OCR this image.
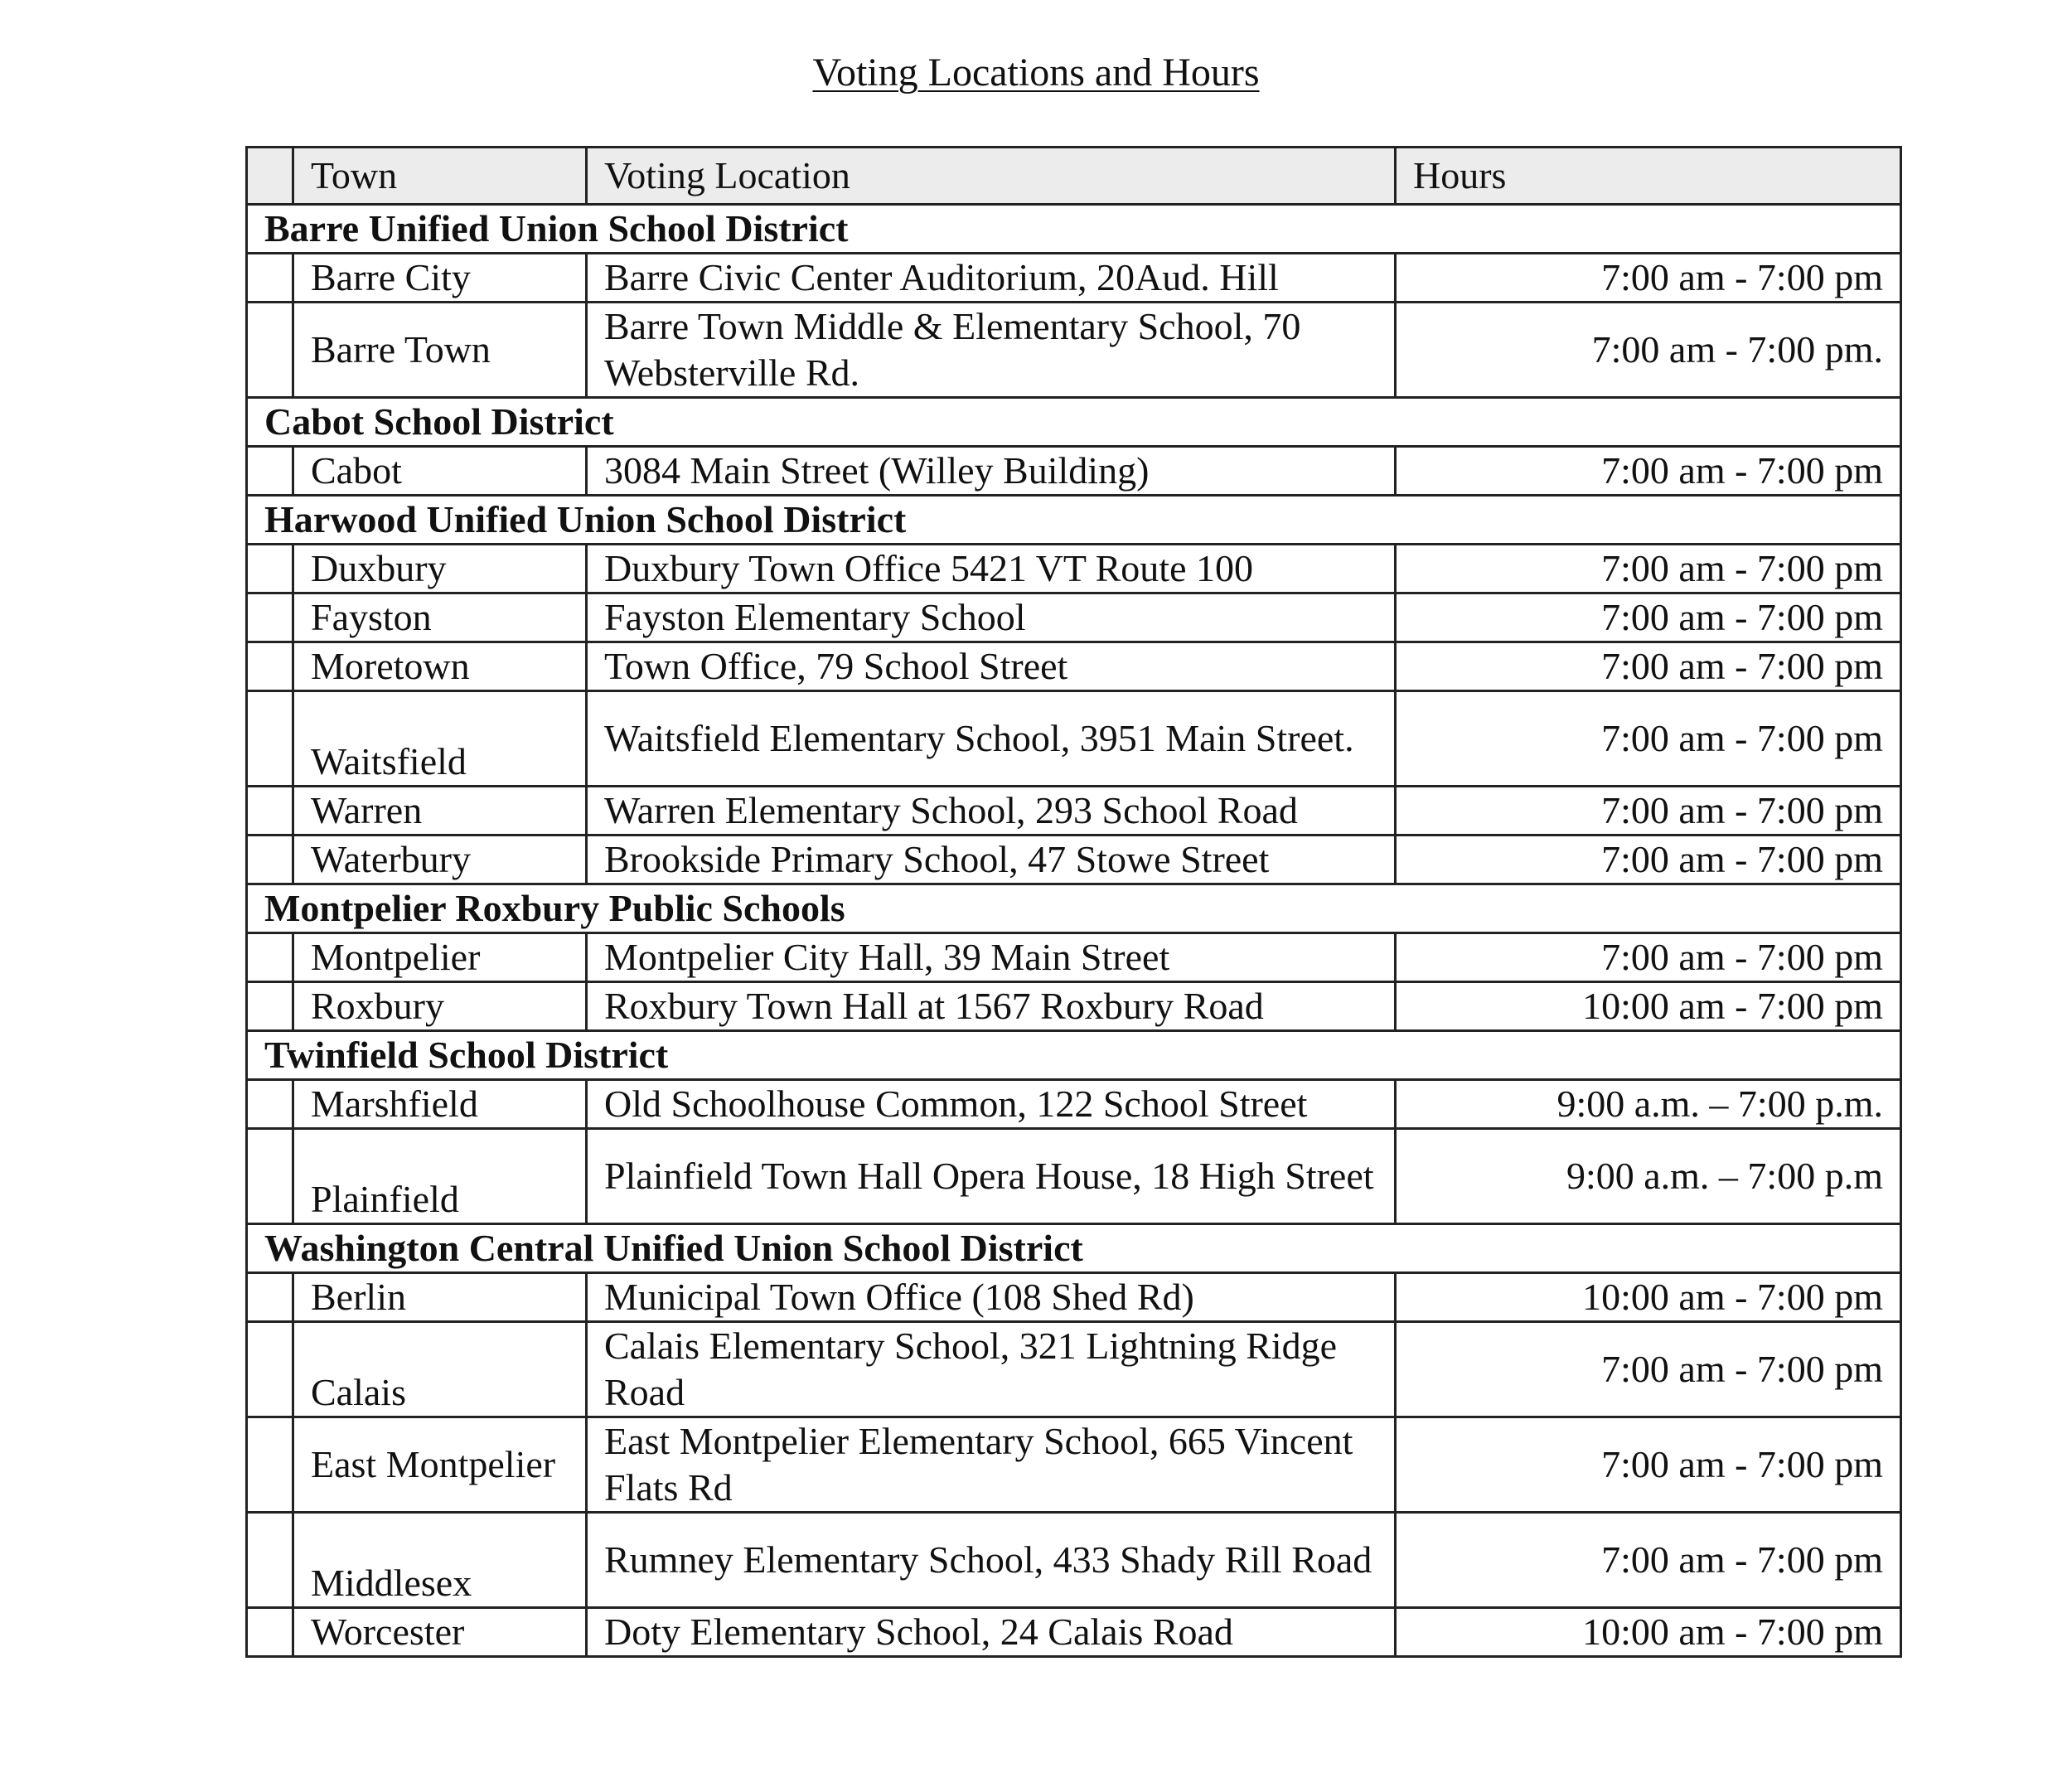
Voting Locations and Hours
	Town	Voting Location	Hours
Barre Unified Union School District			
	Barre City	Barre Civic Center Auditorium, 20Aud. Hill	7:00 am - 7:00 pm
	Barre Town	Barre Town Middle & Elementary School, 70 Websterville Rd.	7:00 am - 7:00 pm.
Cabot School District			
	Cabot	3084 Main Street (Willey Building)	7:00 am - 7:00 pm
Harwood Unified Union School District			
	Duxbury	Duxbury Town Office 5421 VT Route 100	7:00 am - 7:00 pm
	Fayston	Fayston Elementary School	7:00 am - 7:00 pm
	Moretown	Town Office, 79 School Street	7:00 am - 7:00 pm
	Waitsfield	Waitsfield Elementary School, 3951 Main Street.	7:00 am - 7:00 pm
	Warren	Warren Elementary School, 293 School Road	7:00 am - 7:00 pm
	Waterbury	Brookside Primary School, 47 Stowe Street	7:00 am - 7:00 pm
Montpelier Roxbury Public Schools			
	Montpelier	Montpelier City Hall, 39 Main Street	7:00 am - 7:00 pm
	Roxbury	Roxbury Town Hall at 1567 Roxbury Road	10:00 am - 7:00 pm
Twinfield School District			
	Marshfield	Old Schoolhouse Common, 122 School Street	9:00 a.m. – 7:00 p.m.
	Plainfield	Plainfield Town Hall Opera House, 18 High Street	9:00 a.m. – 7:00 p.m
Washington Central Unified Union School District			
	Berlin	Municipal Town Office (108 Shed Rd)	10:00 am - 7:00 pm
	Calais	Calais Elementary School, 321 Lightning Ridge Road	7:00 am - 7:00 pm
	East Montpelier	East Montpelier Elementary School, 665 Vincent Flats Rd	7:00 am - 7:00 pm
	Middlesex	Rumney Elementary School, 433 Shady Rill Road	7:00 am - 7:00 pm
	Worcester	Doty Elementary School, 24 Calais Road	10:00 am - 7:00 pm
